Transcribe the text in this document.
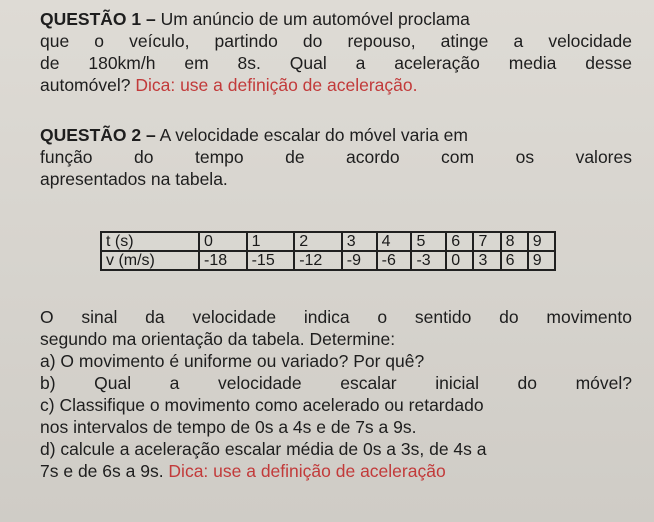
QUESTÃO 1 – Um anúncio de um automóvel proclama
que o veículo, partindo do repouso, atinge a velocidade
de 180km/h em 8s. Qual a aceleração media desse
automóvel? Dica: use a definição de aceleração.
QUESTÃO 2 – A velocidade escalar do móvel varia em
função do tempo de acordo com os valores
apresentados na tabela.
t (s)	0	1	2	3	4	5	6	7	8	9
v (m/s)	-18	-15	-12	-9	-6	-3	0	3	6	9
O sinal da velocidade indica o sentido do movimento
segundo ma orientação da tabela. Determine:
a) O movimento é uniforme ou variado? Por quê?
b) Qual a velocidade escalar inicial do móvel?
c) Classifique o movimento como acelerado ou retardado
nos intervalos de tempo de 0s a 4s e de 7s a 9s.
d) calcule a aceleração escalar média de 0s a 3s, de 4s a
7s e de 6s a 9s. Dica: use a definição de aceleração
